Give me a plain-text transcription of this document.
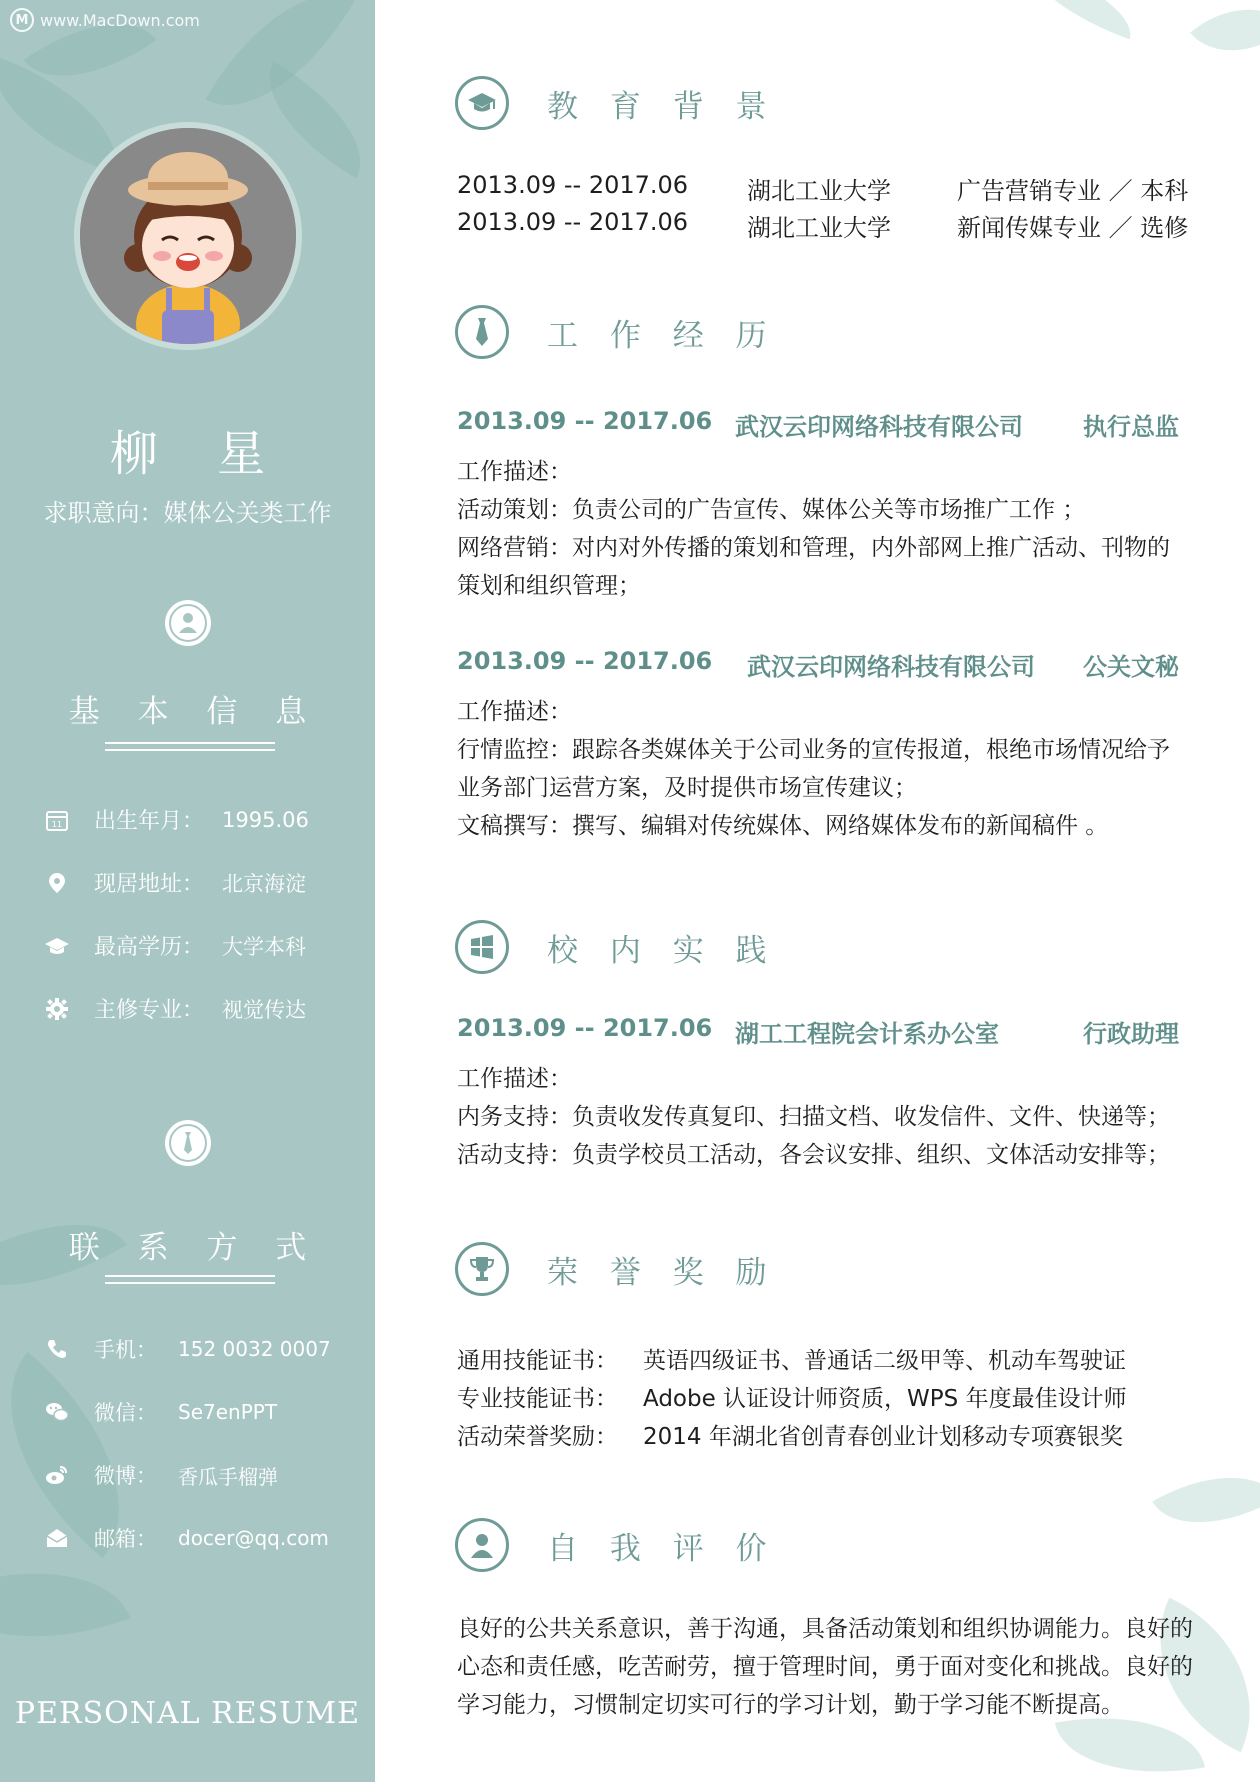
M www.MacDown.com
柳 星
求职意向：媒体公关类工作
基 本 信 息
11 出生年月： 1995.06
现居地址： 北京海淀
最高学历： 大学本科
主修专业： 视觉传达
联 系 方 式
手机：	152 0032 0007
微信：	Se7enPPT
微博：	香瓜手榴弹
邮箱：	docer@qq.com
PERSONAL RESUME
教 育 背 景
2013.09 -- 2017.06 湖北工业大学	广告营销专业 ／ 本科
2013.09 -- 2017.06 湖北工业大学	新闻传媒专业 ／ 选修
工 作 经 历
2013.09 -- 2017.06 武汉云印网络科技有限公司	执行总监
工作描述：
活动策划：负责公司的广告宣传、媒体公关等市场推广工作 ；
网络营销：对内对外传播的策划和管理，内外部网上推广活动、刊物的
策划和组织管理；
2013.09 -- 2017.06 武汉云印网络科技有限公司 公关文秘
工作描述：
行情监控：跟踪各类媒体关于公司业务的宣传报道，根绝市场情况给予
业务部门运营方案，及时提供市场宣传建议；
文稿撰写：撰写、编辑对传统媒体、网络媒体发布的新闻稿件 。
校 内 实 践
2013.09 -- 2017.06 湖工工程院会计系办公室	行政助理
工作描述：
内务支持：负责收发传真复印、扫描文档、收发信件、文件、快递等；
活动支持：负责学校员工活动，各会议安排、组织、文体活动安排等；
荣 誉 奖 励
通用技能证书： 英语四级证书、普通话二级甲等、机动车驾驶证
专业技能证书： Adobe 认证设计师资质，WPS 年度最佳设计师
活动荣誉奖励： 2014 年湖北省创青春创业计划移动专项赛银奖
自 我 评 价
良好的公共关系意识，善于沟通，具备活动策划和组织协调能力。良好的
心态和责任感，吃苦耐劳，擅于管理时间，勇于面对变化和挑战。良好的
学习能力，习惯制定切实可行的学习计划，勤于学习能不断提高。
